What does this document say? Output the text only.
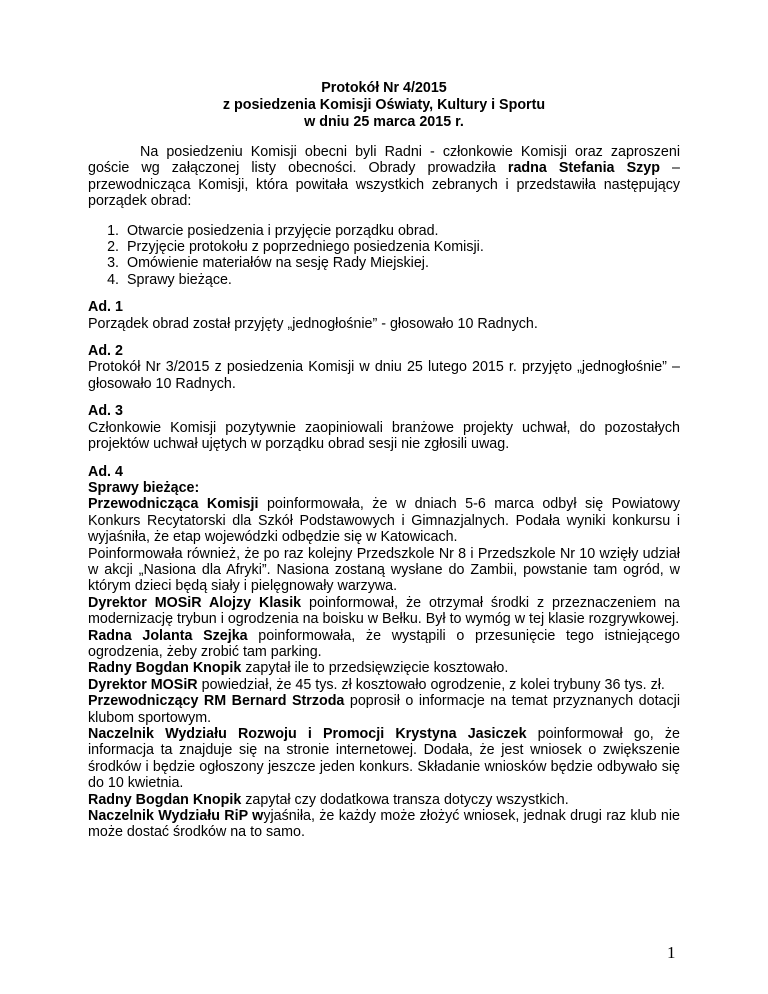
Protokół Nr 4/2015
z posiedzenia Komisji Oświaty, Kultury i Sportu
w dniu 25 marca 2015 r.

Na posiedzeniu Komisji obecni byli Radni - członkowie Komisji oraz zaproszeni goście wg załączonej listy obecności. Obrady prowadziła radna Stefania Szyp – przewodnicząca Komisji, która powitała wszystkich zebranych i przedstawiła następujący porządek obrad:

1. Otwarcie posiedzenia i przyjęcie porządku obrad.
2. Przyjęcie protokołu z poprzedniego posiedzenia Komisji.
3. Omówienie materiałów na sesję Rady Miejskiej.
4. Sprawy bieżące.
Ad. 1

Porządek obrad został przyjęty „jednogłośnie” - głosowało 10 Radnych.

Ad. 2

Protokół Nr 3/2015 z posiedzenia Komisji w dniu 25 lutego 2015 r. przyjęto „jednogłośnie” – głosowało 10 Radnych.

Ad. 3

Członkowie Komisji pozytywnie zaopiniowali branżowe projekty uchwał, do pozostałych projektów uchwał ujętych w porządku obrad sesji nie zgłosili uwag.

Ad. 4
Sprawy bieżące:

Przewodnicząca Komisji poinformowała, że w dniach 5-6 marca odbył się Powiatowy Konkurs Recytatorski dla Szkół Podstawowych i Gimnazjalnych. Podała wyniki konkursu i wyjaśniła, że etap wojewódzki odbędzie się w Katowicach.

Poinformowała również, że po raz kolejny Przedszkole Nr 8 i Przedszkole Nr 10 wzięły udział w akcji „Nasiona dla Afryki”. Nasiona zostaną wysłane do Zambii, powstanie tam ogród, w którym dzieci będą siały i pielęgnowały warzywa.

Dyrektor MOSiR Alojzy Klasik poinformował, że otrzymał środki z przeznaczeniem na modernizację trybun i ogrodzenia na boisku w Bełku. Był to wymóg w tej klasie rozgrywkowej.

Radna Jolanta Szejka poinformowała, że wystąpili o przesunięcie tego istniejącego ogrodzenia, żeby zrobić tam parking.

Radny Bogdan Knopik zapytał ile to przedsięwzięcie kosztowało.

Dyrektor MOSiR powiedział, że 45 tys. zł kosztowało ogrodzenie, z kolei trybuny 36 tys. zł.

Przewodniczący RM Bernard Strzoda poprosił o informacje na temat przyznanych dotacji klubom sportowym.

Naczelnik Wydziału Rozwoju i Promocji Krystyna Jasiczek poinformował go, że informacja ta znajduje się na stronie internetowej. Dodała, że jest wniosek o zwiększenie środków i będzie ogłoszony jeszcze jeden konkurs. Składanie wniosków będzie odbywało się do 10 kwietnia.

Radny Bogdan Knopik zapytał czy dodatkowa transza dotyczy wszystkich.

Naczelnik Wydziału RiP wyjaśniła, że każdy może złożyć wniosek, jednak drugi raz klub nie może dostać środków na to samo.

1
